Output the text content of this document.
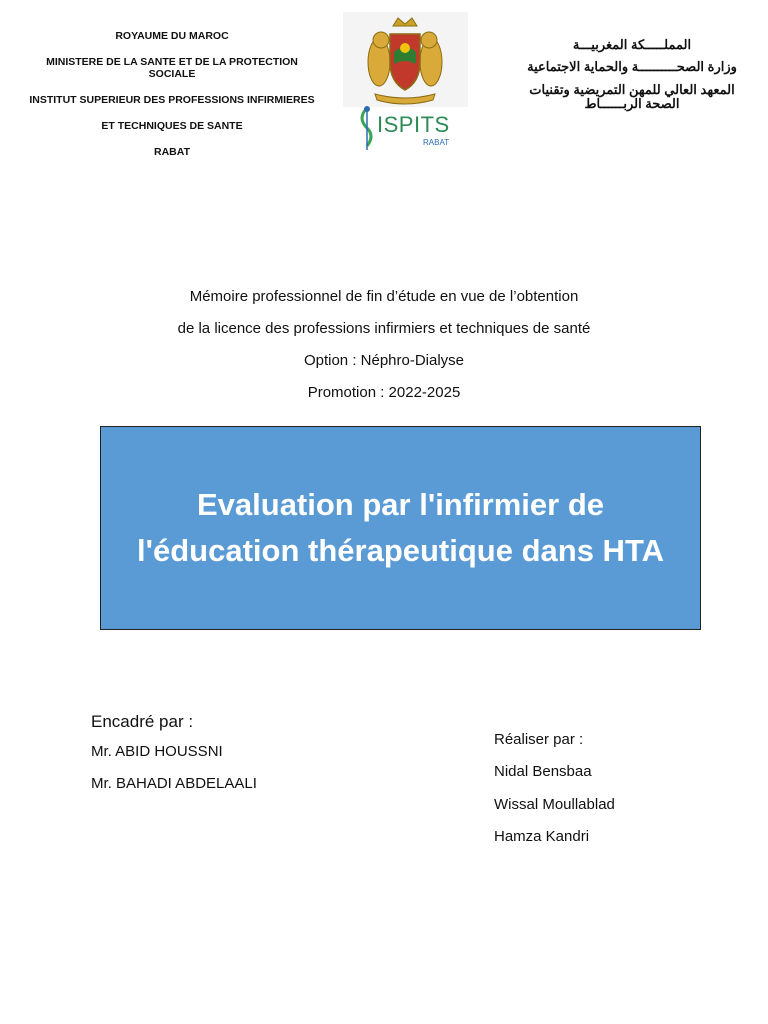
ROYAUME DU MAROC
MINISTERE DE LA SANTE ET DE LA PROTECTION SOCIALE
INSTITUT SUPERIEUR DES PROFESSIONS INFIRMIERES
ET TECHNIQUES DE SANTE
RABAT
ISPITS
RABAT
المملـــــكة المغربيـــة
وزارة الصحــــــــــة والحماية الاجتماعية
المعهد العالي للمهن التمريضية وتقنيات الصحة الربــــــاط
Mémoire professionnel de fin d’étude en vue de l’obtention
de la licence des professions infirmiers et techniques de santé
Option : Néphro-Dialyse
Promotion : 2022-2025
Evaluation par l'infirmier de
l'éducation thérapeutique dans HTA
Encadré par :
Mr. ABID HOUSSNI
Mr. BAHADI ABDELAALI
Réaliser par :
Nidal Bensbaa
Wissal Moullablad
Hamza Kandri
